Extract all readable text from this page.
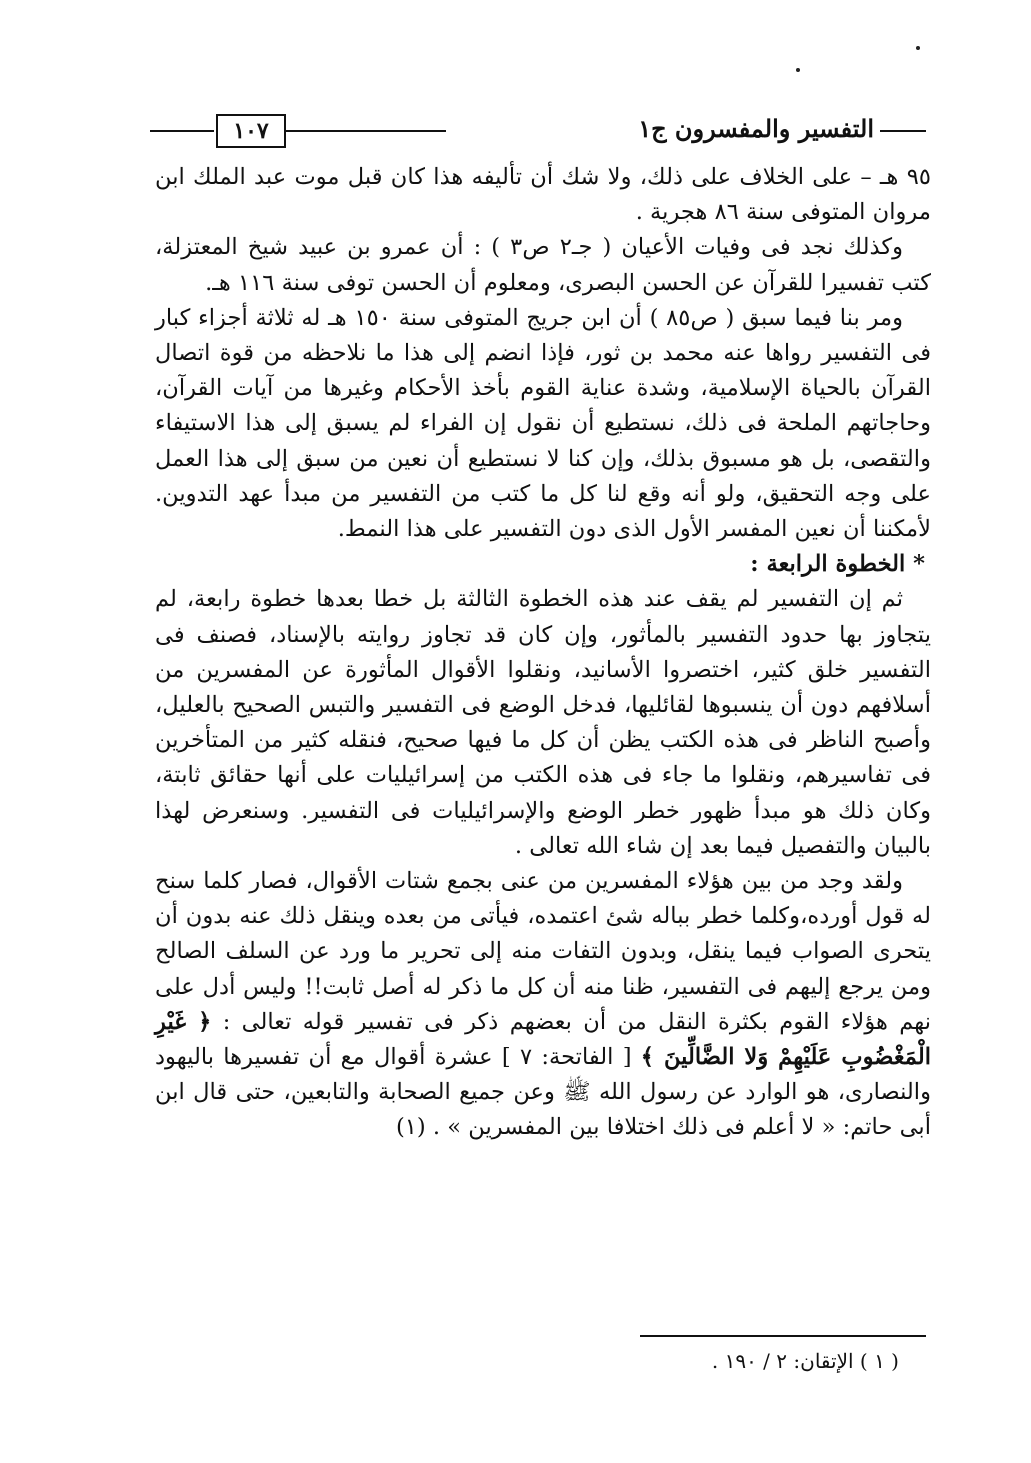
التفسير والمفسرون ج١
١٠٧

٩٥ هـ – على الخلاف على ذلك، ولا شك أن تأليفه هذا كان قبل موت عبد الملك ابن مروان المتوفى سنة ٨٦ هجرية .

وكذلك نجد فى وفيات الأعيان ( جـ٢ ص٣ ) : أن عمرو بن عبيد شيخ المعتزلة، كتب تفسيرا للقرآن عن الحسن البصرى، ومعلوم أن الحسن توفى سنة ١١٦ هـ.

ومر بنا فيما سبق ( ص٨٥ ) أن ابن جريج المتوفى سنة ١٥٠ هـ له ثلاثة أجزاء كبار فى التفسير رواها عنه محمد بن ثور، فإذا انضم إلى هذا ما نلاحظه من قوة اتصال القرآن بالحياة الإسلامية، وشدة عناية القوم بأخذ الأحكام وغيرها من آيات القرآن، وحاجاتهم الملحة فى ذلك، نستطيع أن نقول إن الفراء لم يسبق إلى هذا الاستيفاء والتقصى، بل هو مسبوق بذلك، وإن كنا لا نستطيع أن نعين من سبق إلى هذا العمل على وجه التحقيق، ولو أنه وقع لنا كل ما كتب من التفسير من مبدأ عهد التدوين. لأمكننا أن نعين المفسر الأول الذى دون التفسير على هذا النمط.

* الخطوة الرابعة :

ثم إن التفسير لم يقف عند هذه الخطوة الثالثة بل خطا بعدها خطوة رابعة، لم يتجاوز بها حدود التفسير بالمأثور، وإن كان قد تجاوز روايته بالإسناد، فصنف فى التفسير خلق كثير، اختصروا الأسانيد، ونقلوا الأقوال المأثورة عن المفسرين من أسلافهم دون أن ينسبوها لقائليها، فدخل الوضع فى التفسير والتبس الصحيح بالعليل، وأصبح الناظر فى هذه الكتب يظن أن كل ما فيها صحيح، فنقله كثير من المتأخرين فى تفاسيرهم، ونقلوا ما جاء فى هذه الكتب من إسرائيليات على أنها حقائق ثابتة، وكان ذلك هو مبدأ ظهور خطر الوضع والإسرائيليات فى التفسير. وسنعرض لهذا بالبيان والتفصيل فيما بعد إن شاء الله تعالى .

ولقد وجد من بين هؤلاء المفسرين من عنى بجمع شتات الأقوال، فصار كلما سنح له قول أورده،وكلما خطر بباله شئ اعتمده، فيأتى من بعده وينقل ذلك عنه بدون أن يتحرى الصواب فيما ينقل، وبدون التفات منه إلى تحرير ما ورد عن السلف الصالح ومن يرجع إليهم فى التفسير، ظنا منه أن كل ما ذكر له أصل ثابت!! وليس أدل على نهم هؤلاء القوم بكثرة النقل من أن بعضهم ذكر فى تفسير قوله تعالى : ﴿ غَيْرِ الْمَغْضُوبِ عَلَيْهِمْ وَلا الضَّالِّينَ ﴾ [ الفاتحة: ٧ ] عشرة أقوال مع أن تفسيرها باليهود والنصارى، هو الوارد عن رسول الله ﷺ وعن جميع الصحابة والتابعين، حتى قال ابن أبى حاتم: « لا أعلم فى ذلك اختلافا بين المفسرين » . (١)

( ١ ) الإتقان: ٢ / ١٩٠ .
